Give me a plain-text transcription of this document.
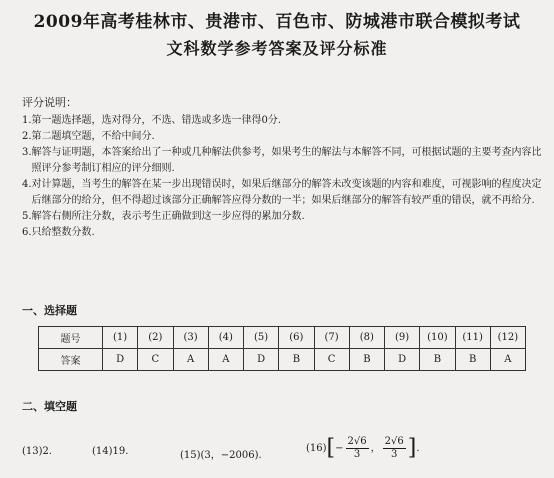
2009年高考桂林市、贵港市、百色市、防城港市联合模拟考试
文科数学参考答案及评分标准
评分说明：
1. 第一题选择题，选对得分，不选、错选或多选一律得0分.
2. 第二题填空题，不给中间分.
3. 解答与证明题，本答案给出了一种或几种解法供参考，如果考生的解法与本解答不同，可根据试题的主要考查内容比照评分参考制订相应的评分细则.
4. 对计算题，当考生的解答在某一步出现错误时，如果后继部分的解答未改变该题的内容和难度，可视影响的程度决定后继部分的给分，但不得超过该部分正确解答应得分数的一半；如果后继部分的解答有较严重的错误，就不再给分.
5. 解答右侧所注分数，表示考生正确做到这一步应得的累加分数.
6. 只给整数分数.
一、选择题
题号	(1)	(2)	(3)	(4)	(5)	(6)	(7)	(8)	(9)	(10)	(11)	(12)
答案	D	C	A	A	D	B	C	B	D	B	B	A
二、填空题
(13)2.	(14)19.	(15)(3，−2006).
$(16)[- \frac{2√6}{3}$ ， $\frac{2√6}{3}$ ].
